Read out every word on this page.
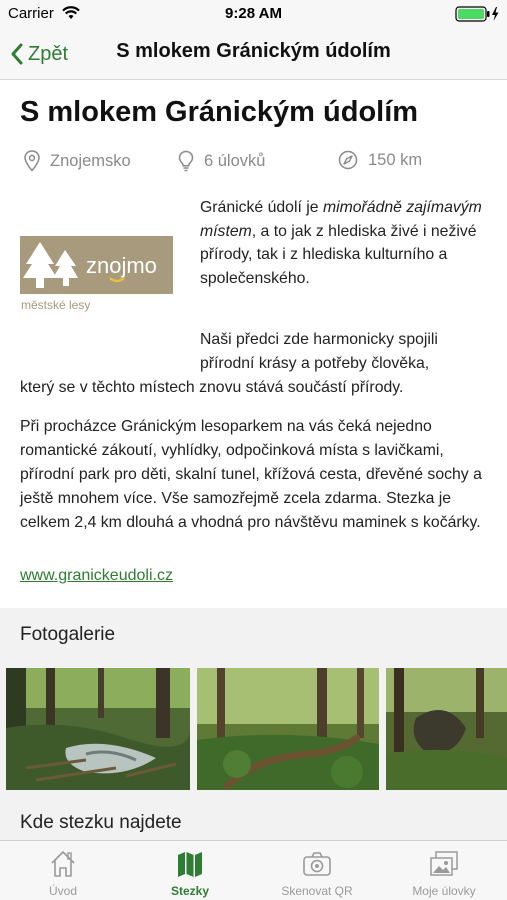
Carrier	9:28 AM
Zpět	S mlokem Gránickým údolím
S mlokem Gránickým údolím
Znojemsko	6 úlovků	150 km
znojmo
městské lesy

Gránické údolí je mimořádně zajímavým místem, a to jak z hlediska živé i neživé přírody, tak i z hlediska kulturního a společenského.

Naši předci zde harmonicky spojili přírodní krásy a potřeby člověka,

který se v těchto místech znovu stává součástí přírody.

Při procházce Gránickým lesoparkem na vás čeká nejedno romantické zákoutí, vyhlídky, odpočinková místa s lavičkami, přírodní park pro děti, skalní tunel, křížová cesta, dřevěné sochy a ještě mnohem více. Vše samozřejmě zcela zdarma. Stezka je celkem 2,4 km dlouhá a vhodná pro návštěvu maminek s kočárky.

www.granickeudoli.cz
Fotogalerie
Kde stezku najdete
Úvod	Stezky	Skenovat QR	Moje úlovky
